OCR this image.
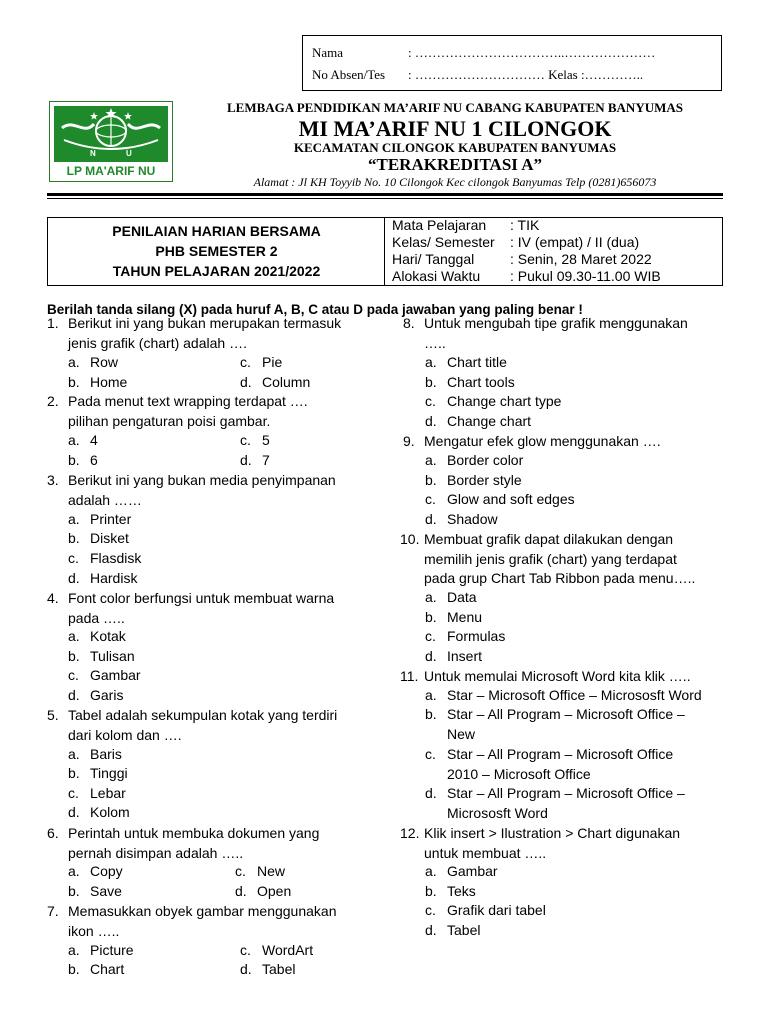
Nama	: ……………………………..…………………
No Absen/Tes : ………………………… Kelas :…………..
N	U
LP MA'ARIF NU
LEMBAGA PENDIDIKAN MA’ARIF NU CABANG KABUPATEN BANYUMAS
MI MA’ARIF NU 1 CILONGOK
KECAMATAN CILONGOK KABUPATEN BANYUMAS
“TERAKREDITASI A”
Alamat : Jl KH Toyyib No. 10 Cilongok Kec cilongok Banyumas Telp (0281)656073
PENILAIAN HARIAN BERSAMA
PHB SEMESTER 2
TAHUN PELAJARAN 2021/2022
Mata Pelajaran : TIK
Kelas/ Semester : IV (empat) / II (dua)
Hari/ Tanggal	: Senin, 28 Maret 2022
Alokasi Waktu : Pukul 09.30-11.00 WIB
Berilah tanda silang (X) pada huruf A, B, C atau D pada jawaban yang paling benar !
1. Berikut ini yang bukan merupakan termasuk
jenis grafik (chart) adalah ….
a. Row
b. Home
c. Pie
d. Column
2. Pada menut text wrapping terdapat ….
pilihan pengaturan poisi gambar.
a. 4
b. 6
c. 5
d. 7
3. Berikut ini yang bukan media penyimpanan
adalah ……
a. Printer
b. Disket
c. Flasdisk
d. Hardisk
4. Font color berfungsi untuk membuat warna
pada …..
a. Kotak
b. Tulisan
c. Gambar
d. Garis
5. Tabel adalah sekumpulan kotak yang terdiri
dari kolom dan ….
a. Baris
b. Tinggi
c. Lebar
d. Kolom
6. Perintah untuk membuka dokumen yang
pernah disimpan adalah …..
a. Copy
b. Save
c. New
d. Open
7. Memasukkan obyek gambar menggunakan
ikon …..
a. Picture
b. Chart
c. WordArt
d. Tabel
8. Untuk mengubah tipe grafik menggunakan
…..
a. Chart title
b. Chart tools
c. Change chart type
d. Change chart
9. Mengatur efek glow menggunakan ….
a. Border color
b. Border style
c. Glow and soft edges
d. Shadow
10. Membuat grafik dapat dilakukan dengan
memilih jenis grafik (chart) yang terdapat
pada grup Chart Tab Ribbon pada menu…..
a. Data
b. Menu
c. Formulas
d. Insert
11. Untuk memulai Microsoft Word kita klik …..
a. Star – Microsoft Office – Micrososft Word
b. Star – All Program – Microsoft Office –
New
c. Star – All Program – Microsoft Office
2010 – Microsoft Office
d. Star – All Program – Microsoft Office –
Micrososft Word
12. Klik insert > Ilustration > Chart digunakan
untuk membuat …..
a. Gambar
b. Teks
c. Grafik dari tabel
d. Tabel
